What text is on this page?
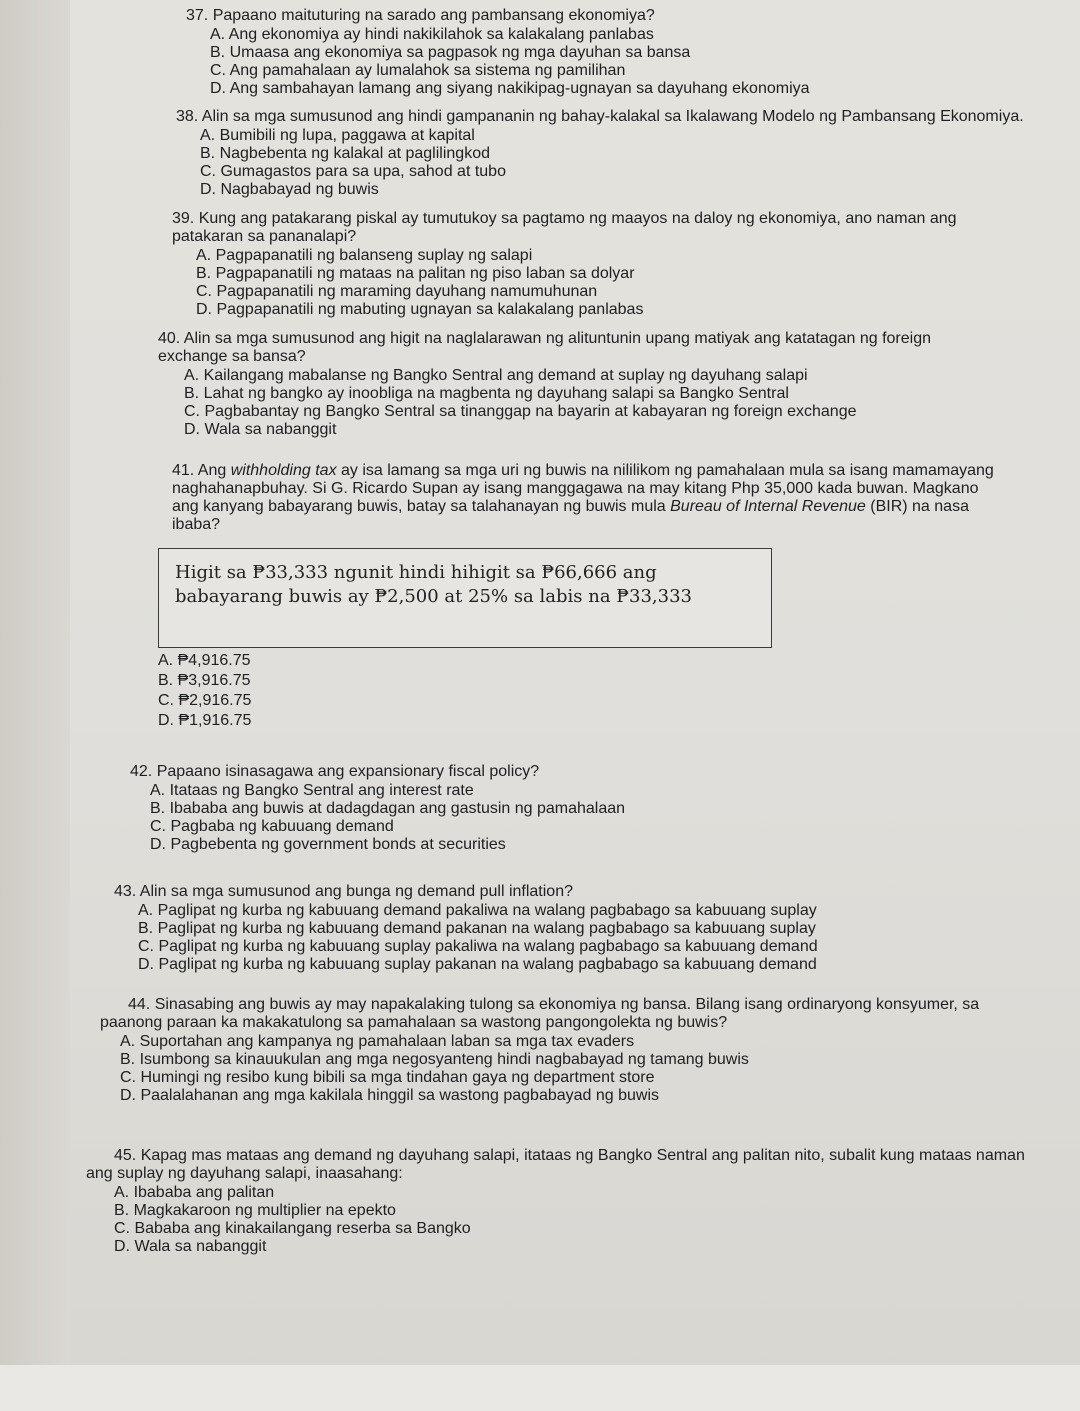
37. Papaano maituturing na sarado ang pambansang ekonomiya?

A. Ang ekonomiya ay hindi nakikilahok sa kalakalang panlabas

B. Umaasa ang ekonomiya sa pagpasok ng mga dayuhan sa bansa

C. Ang pamahalaan ay lumalahok sa sistema ng pamilihan

D. Ang sambahayan lamang ang siyang nakikipag-ugnayan sa dayuhang ekonomiya

38. Alin sa mga sumusunod ang hindi gampananin ng bahay-kalakal sa Ikalawang Modelo ng Pambansang Ekonomiya.

A. Bumibili ng lupa, paggawa at kapital

B. Nagbebenta ng kalakal at paglilingkod

C. Gumagastos para sa upa, sahod at tubo

D. Nagbabayad ng buwis

39. Kung ang patakarang piskal ay tumutukoy sa pagtamo ng maayos na daloy ng ekonomiya, ano naman ang patakaran sa pananalapi?

A. Pagpapanatili ng balanseng suplay ng salapi

B. Pagpapanatili ng mataas na palitan ng piso laban sa dolyar

C. Pagpapanatili ng maraming dayuhang namumuhunan

D. Pagpapanatili ng mabuting ugnayan sa kalakalang panlabas

40. Alin sa mga sumusunod ang higit na naglalarawan ng alituntunin upang matiyak ang katatagan ng foreign exchange sa bansa?

A. Kailangang mabalanse ng Bangko Sentral ang demand at suplay ng dayuhang salapi

B. Lahat ng bangko ay inoobliga na magbenta ng dayuhang salapi sa Bangko Sentral

C. Pagbabantay ng Bangko Sentral sa tinanggap na bayarin at kabayaran ng foreign exchange

D. Wala sa nabanggit

41. Ang withholding tax ay isa lamang sa mga uri ng buwis na nililikom ng pamahalaan mula sa isang mamamayang naghahanapbuhay. Si G. Ricardo Supan ay isang manggagawa na may kitang Php 35,000 kada buwan. Magkano ang kanyang babayarang buwis, batay sa talahanayan ng buwis mula Bureau of Internal Revenue (BIR) na nasa ibaba?

Higit sa ₱33,333 ngunit hindi hihigit sa ₱66,666 ang babayarang buwis ay ₱2,500 at 25% sa labis na ₱33,333

A. ₱4,916.75

B. ₱3,916.75

C. ₱2,916.75

D. ₱1,916.75

42. Papaano isinasagawa ang expansionary fiscal policy?

A. Itataas ng Bangko Sentral ang interest rate

B. Ibababa ang buwis at dadagdagan ang gastusin ng pamahalaan

C. Pagbaba ng kabuuang demand

D. Pagbebenta ng government bonds at securities

43. Alin sa mga sumusunod ang bunga ng demand pull inflation?

A. Paglipat ng kurba ng kabuuang demand pakaliwa na walang pagbabago sa kabuuang suplay

B. Paglipat ng kurba ng kabuuang demand pakanan na walang pagbabago sa kabuuang suplay

C. Paglipat ng kurba ng kabuuang suplay pakaliwa na walang pagbabago sa kabuuang demand

D. Paglipat ng kurba ng kabuuang suplay pakanan na walang pagbabago sa kabuuang demand

44. Sinasabing ang buwis ay may napakalaking tulong sa ekonomiya ng bansa. Bilang isang ordinaryong konsyumer, sa paanong paraan ka makakatulong sa pamahalaan sa wastong pangongolekta ng buwis?

A. Suportahan ang kampanya ng pamahalaan laban sa mga tax evaders

B. Isumbong sa kinauukulan ang mga negosyanteng hindi nagbabayad ng tamang buwis

C. Humingi ng resibo kung bibili sa mga tindahan gaya ng department store

D. Paalalahanan ang mga kakilala hinggil sa wastong pagbabayad ng buwis

45. Kapag mas mataas ang demand ng dayuhang salapi, itataas ng Bangko Sentral ang palitan nito, subalit kung mataas naman ang suplay ng dayuhang salapi, inaasahang:

A. Ibababa ang palitan

B. Magkakaroon ng multiplier na epekto

C. Bababa ang kinakailangang reserba sa Bangko

D. Wala sa nabanggit
